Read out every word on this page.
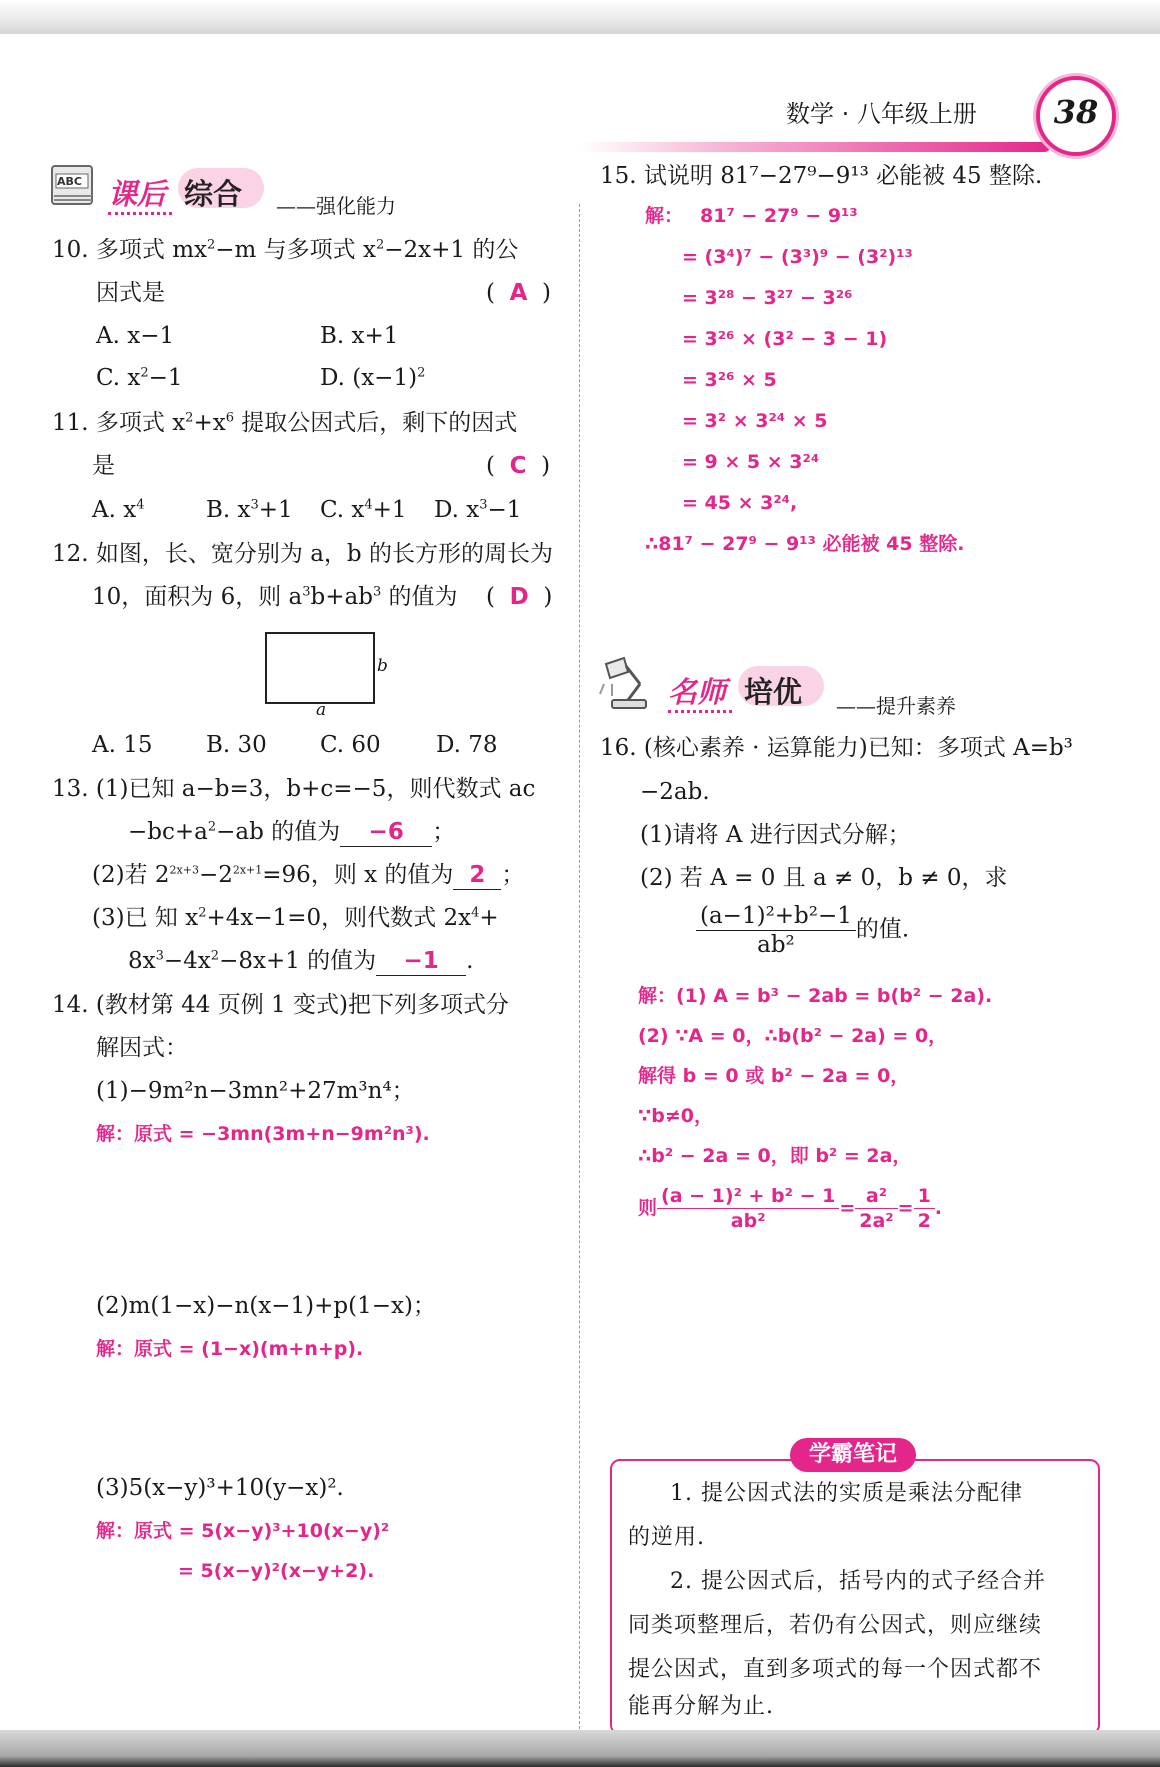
数学 · 八年级上册	38
ABC 课后 综合 ——强化能力
10. 多项式 $mx^2-m$ 与多项式 $x^2-2x+1$ 的公
因式是	(  A  )
A. x−1	B. x+1
C. $x^2-1$	D. $(x-1)^2$
11. 多项式 $x^2+x^6$ 提取公因式后，剩下的因式
是	(  C  )
A. $x^4$	B. $x^3+1$ C. $x^4+1$ D. $x^3-1$
12. 如图，长、宽分别为 a，b 的长方形的周长为
10，面积为 6，则 $a^3b+ab^3$ 的值为 (  D  )
b
a
A. 15 B. 30 C. 60 D. 78
13. (1)已知 a−b=3，b+c=−5，则代数式 ac
$-bc+a^2-ab$ 的值为 −6 ；
(2)若 $2^{2x+3}-2^{2x+1}=96$，则 x 的值为 2 ；
(3)已 知 $x^2+4x-1=0$，则代数式 $2x^4+$
$8x^3-4x^2-8x+1$ 的值为 −1 .
14. (教材第 44 页例 1 变式)把下列多项式分
解因式：
(1)−9m²n−3mn²+27m³n⁴；
解：原式 = −3mn(3m+n−9m²n³).
(2)m(1−x)−n(x−1)+p(1−x)；
解：原式 = (1−x)(m+n+p).
(3)5(x−y)³+10(y−x)².
解：原式 = 5(x−y)³+10(x−y)²
= 5(x−y)²(x−y+2).
15. 试说明 81⁷−27⁹−9¹³ 必能被 45 整除.
解： 81⁷ − 27⁹ − 9¹³
= (3⁴)⁷ − (3³)⁹ − (3²)¹³
= 3²⁸ − 3²⁷ − 3²⁶
= 3²⁶ × (3² − 3 − 1)
= 3²⁶ × 5
= 3² × 3²⁴ × 5
= 9 × 5 × 3²⁴
= 45 × 3²⁴,
∴81⁷ − 27⁹ − 9¹³ 必能被 45 整除.
名师 培优 ——提升素养
16. (核心素养 · 运算能力)已知：多项式 A=b³
−2ab.
(1)请将 A 进行因式分解；
(2) 若 A = 0 且 a ≠ 0，b ≠ 0，求
$\frac{\text{(a−1)²+b²−1}}{\text{ab²}}$ 的值.
解：(1) A = b³ − 2ab = b(b² − 2a).
(2) ∵A = 0，∴b(b² − 2a) = 0，
解得 b = 0 或 b² − 2a = 0，
∵b≠0，
∴b² − 2a = 0，即 b² = 2a，
则 $\frac{\text{(a − 1)² + b² − 1}}{\text{ab²}} = \frac{\text{a²}}{\text{2a²}} = \frac{1}{2}$ .
学霸笔记
1. 提公因式法的实质是乘法分配律
的逆用.
2. 提公因式后，括号内的式子经合并
同类项整理后，若仍有公因式，则应继续
提公因式，直到多项式的每一个因式都不
能再分解为止.
